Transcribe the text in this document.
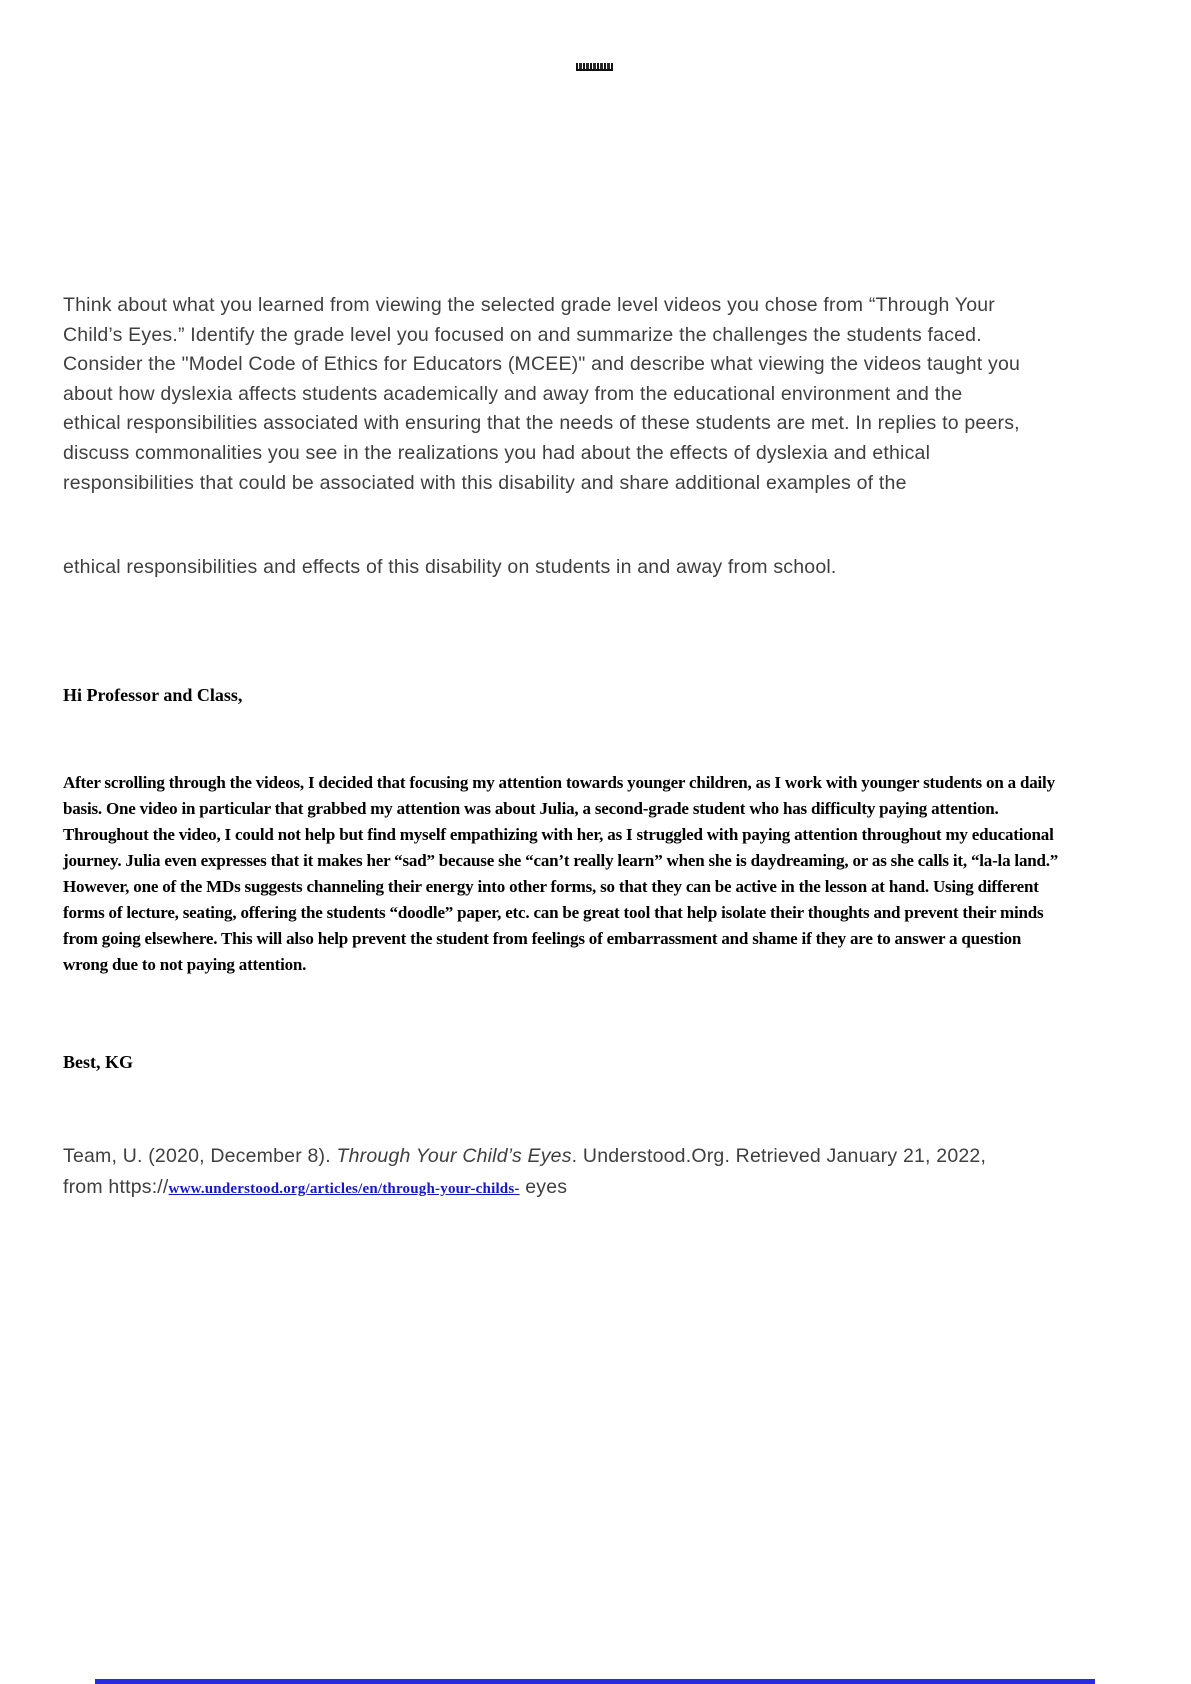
Think about what you learned from viewing the selected grade level videos you chose from “Through Your Child’s Eyes.” Identify the grade level you focused on and summarize the challenges the students faced. Consider the "Model Code of Ethics for Educators (MCEE)" and describe what viewing the videos taught you about how dyslexia affects students academically and away from the educational environment and the ethical responsibilities associated with ensuring that the needs of these students are met. In replies to peers, discuss commonalities you see in the realizations you had about the effects of dyslexia and ethical responsibilities that could be associated with this disability and share additional examples of the
ethical responsibilities and effects of this disability on students in and away from school.
Hi Professor and Class,

After scrolling through the videos, I decided that focusing my attention towards younger children, as I work with younger students on a daily basis. One video in particular that grabbed my attention was about Julia, a second-grade student who has difficulty paying attention.

Throughout the video, I could not help but find myself empathizing with her, as I struggled with paying attention throughout my educational journey. Julia even expresses that it makes her “sad” because she “can’t really learn” when she is daydreaming, or as she calls it, “la-la land.” However, one of the MDs suggests channeling their energy into other forms, so that they can be active in the lesson at hand. Using different forms of lecture, seating, offering the students “doodle” paper, etc. can be great tool that help isolate their thoughts and prevent their minds from going elsewhere. This will also help prevent the student from feelings of embarrassment and shame if they are to answer a question wrong due to not paying attention.

Best, KG
Team, U. (2020, December 8). Through Your Child’s Eyes. Understood.Org. Retrieved January 21, 2022, from https://www.understood.org/articles/en/through-your-childs- eyes
